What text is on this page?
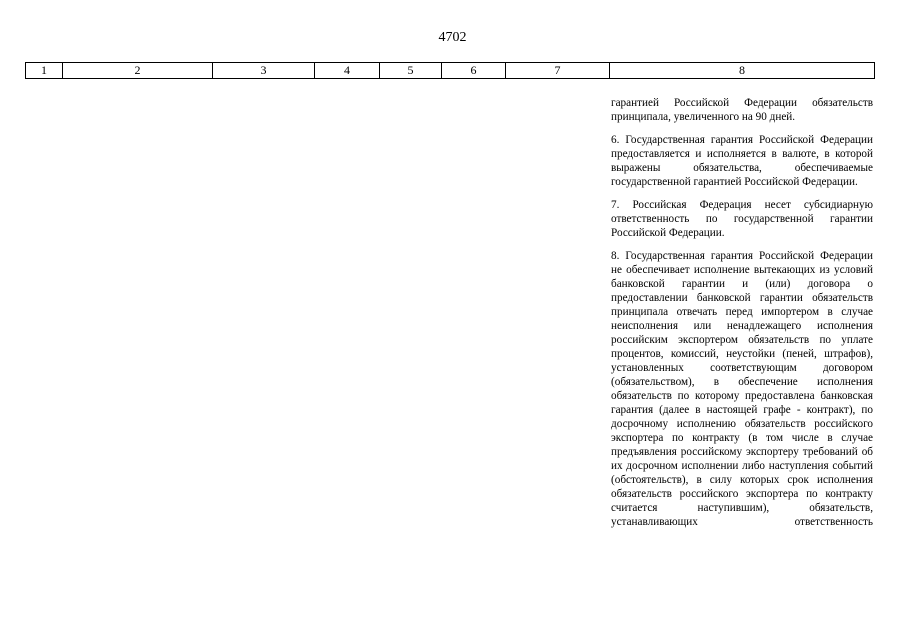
4702
1	2	3	4	5	6	7	8

гарантией Российской Федерации обязательств принципала, увеличенного на 90 дней.

6. Государственная гарантия Российской Федерации предоставляется и исполняется в валюте, в которой выражены обязательства, обеспечиваемые государственной гарантией Российской Федерации.

7. Российская Федерация несет субсидиарную ответственность по государственной гарантии Российской Федерации.

8. Государственная гарантия Российской Федерации не обеспечивает исполнение вытекающих из условий банковской гарантии и (или) договора о предоставлении банковской гарантии обязательств принципала отвечать перед импортером в случае неисполнения или ненадлежащего исполнения российским экспортером обязательств по уплате процентов, комиссий, неустойки (пеней, штрафов), установленных соответствующим договором (обязательством), в обеспечение исполнения обязательств по которому предоставлена банковская гарантия (далее в настоящей графе - контракт), по досрочному исполнению обязательств российского экспортера по контракту (в том числе в случае предъявления российскому экспортеру требований об их досрочном исполнении либо наступления событий (обстоятельств), в силу которых срок исполнения обязательств российского экспортера по контракту считается наступившим), обязательств, устанавливающих ответственность
